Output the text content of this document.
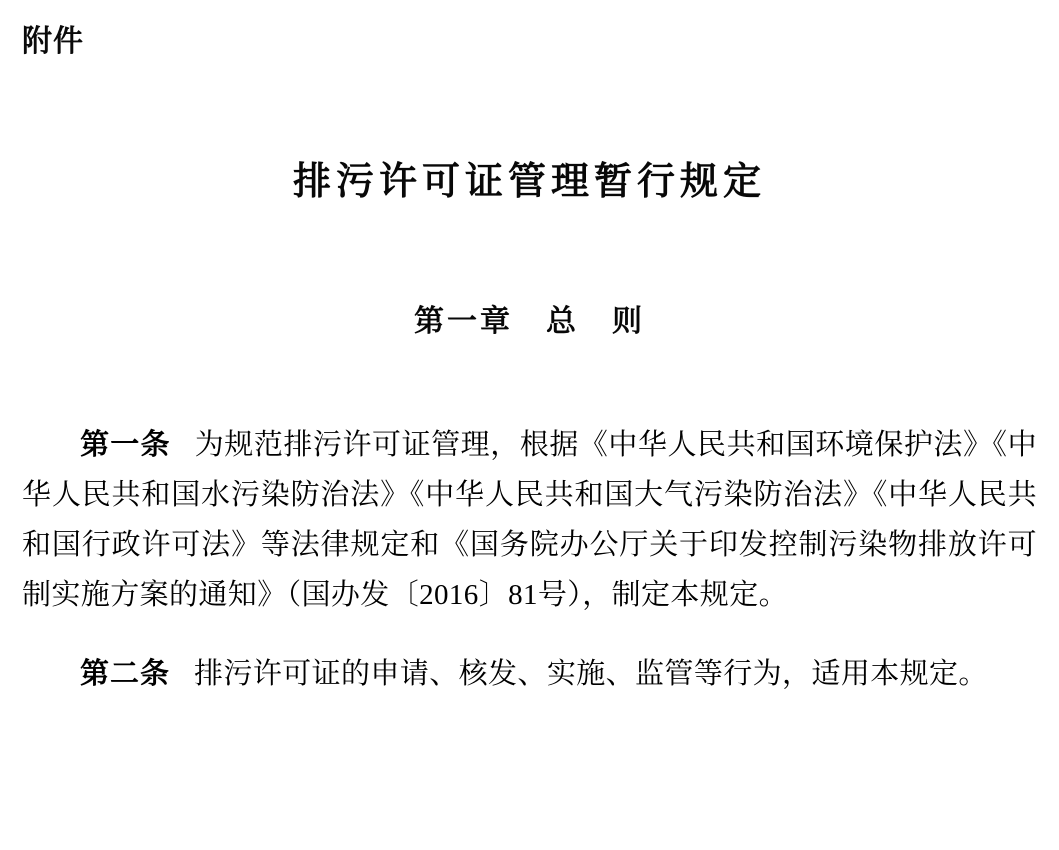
附件
排污许可证管理暂行规定
第一章　总　则

第一条 为规范排污许可证管理，根据《中华人民共和国环境保护法》《中华人民共和国水污染防治法》《中华人民共和国大气污染防治法》《中华人民共和国行政许可法》等法律规定和《国务院办公厅关于印发控制污染物排放许可制实施方案的通知》（国办发〔2016〕81号），制定本规定。

第二条 排污许可证的申请、核发、实施、监管等行为，适用本规定。
